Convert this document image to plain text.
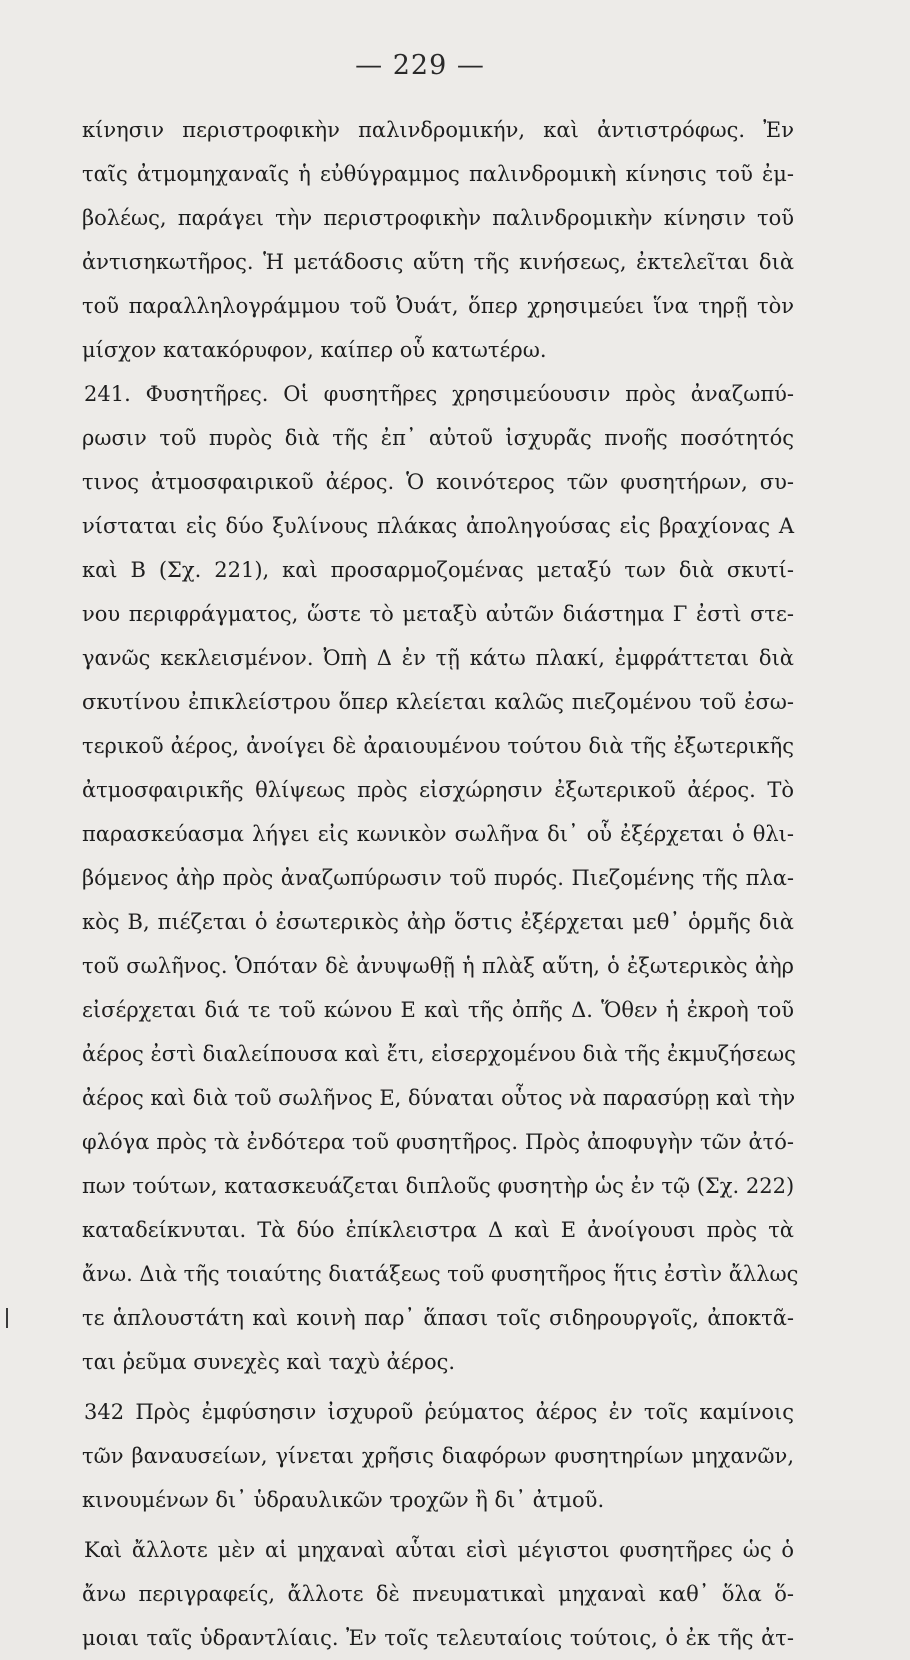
— 229 —
κίνησιν περιστροφικὴν παλινδρομικήν, καὶ ἀντιστρόφως. Ἐν
ταῖς ἀτμομηχαναῖς ἡ εὐθύγραμμος παλινδρομικὴ κίνησις τοῦ ἐμ-
βολέως, παράγει τὴν περιστροφικὴν παλινδρομικὴν κίνησιν τοῦ
ἀντισηκωτῆρος. Ἡ μετάδοσις αὕτη τῆς κινήσεως, ἐκτελεῖται διὰ
τοῦ παραλληλογράμμου τοῦ Ὀυάτ, ὅπερ χρησιμεύει ἵνα τηρῇ τὸν
μίσχον κατακόρυφον, καίπερ οὗ κατωτέρω.
241. Φυσητῆρες. Οἱ φυσητῆρες χρησιμεύουσιν πρὸς ἀναζωπύ-
ρωσιν τοῦ πυρὸς διὰ τῆς ἐπ᾽ αὐτοῦ ἰσχυρᾶς πνοῆς ποσότητός
τινος ἀτμοσφαιρικοῦ ἀέρος. Ὁ κοινότερος τῶν φυσητήρων, συ-
νίσταται εἰς δύο ξυλίνους πλάκας ἀποληγούσας εἰς βραχίονας Α
καὶ Β (Σχ. 221), καὶ προσαρμοζομένας μεταξύ των διὰ σκυτί-
νου περιφράγματος, ὥστε τὸ μεταξὺ αὐτῶν διάστημα Γ ἐστὶ στε-
γανῶς κεκλεισμένον. Ὀπὴ Δ ἐν τῇ κάτω πλακί, ἐμφράττεται διὰ
σκυτίνου ἐπικλείστρου ὅπερ κλείεται καλῶς πιεζομένου τοῦ ἐσω-
τερικοῦ ἀέρος, ἀνοίγει δὲ ἀραιουμένου τούτου διὰ τῆς ἐξωτερικῆς
ἀτμοσφαιρικῆς θλίψεως πρὸς εἰσχώρησιν ἐξωτερικοῦ ἀέρος. Τὸ
παρασκεύασμα λήγει εἰς κωνικὸν σωλῆνα δι᾽ οὗ ἐξέρχεται ὁ θλι-
βόμενος ἀὴρ πρὸς ἀναζωπύρωσιν τοῦ πυρός. Πιεζομένης τῆς πλα-
κὸς Β, πιέζεται ὁ ἐσωτερικὸς ἀὴρ ὅστις ἐξέρχεται μεθ᾽ ὁρμῆς διὰ
τοῦ σωλῆνος. Ὁπόταν δὲ ἀνυψωθῇ ἡ πλὰξ αὕτη, ὁ ἐξωτερικὸς ἀὴρ
εἰσέρχεται διά τε τοῦ κώνου Ε καὶ τῆς ὀπῆς Δ. Ὅθεν ἡ ἐκροὴ τοῦ
ἀέρος ἐστὶ διαλείπουσα καὶ ἔτι, εἰσερχομένου διὰ τῆς ἐκμυζήσεως
ἀέρος καὶ διὰ τοῦ σωλῆνος Ε, δύναται οὗτος νὰ παρασύρῃ καὶ τὴν
φλόγα πρὸς τὰ ἐνδότερα τοῦ φυσητῆρος. Πρὸς ἀποφυγὴν τῶν ἀτό-
πων τούτων, κατασκευάζεται διπλοῦς φυσητὴρ ὡς ἐν τῷ (Σχ. 222)
καταδείκνυται. Τὰ δύο ἐπίκλειστρα Δ καὶ Ε ἀνοίγουσι πρὸς τὰ
ἄνω. Διὰ τῆς τοιαύτης διατάξεως τοῦ φυσητῆρος ἥτις ἐστὶν ἄλλως
τε ἁπλουστάτη καὶ κοινὴ παρ᾽ ἅπασι τοῖς σιδηρουργοῖς, ἀποκτᾶ-
ται ῥεῦμα συνεχὲς καὶ ταχὺ ἀέρος.
342 Πρὸς ἐμφύσησιν ἰσχυροῦ ῥεύματος ἀέρος ἐν τοῖς καμίνοις
τῶν βαναυσείων, γίνεται χρῆσις διαφόρων φυσητηρίων μηχανῶν,
κινουμένων δι᾽ ὑδραυλικῶν τροχῶν ἢ δι᾽ ἀτμοῦ.
Καὶ ἄλλοτε μὲν αἱ μηχαναὶ αὗται εἰσὶ μέγιστοι φυσητῆρες ὡς ὁ
ἄνω περιγραφείς, ἄλλοτε δὲ πνευματικαὶ μηχαναὶ καθ᾽ ὅλα ὅ-
μοιαι ταῖς ὑδραντλίαις. Ἐν τοῖς τελευταίοις τούτοις, ὁ ἐκ τῆς ἀτ-
